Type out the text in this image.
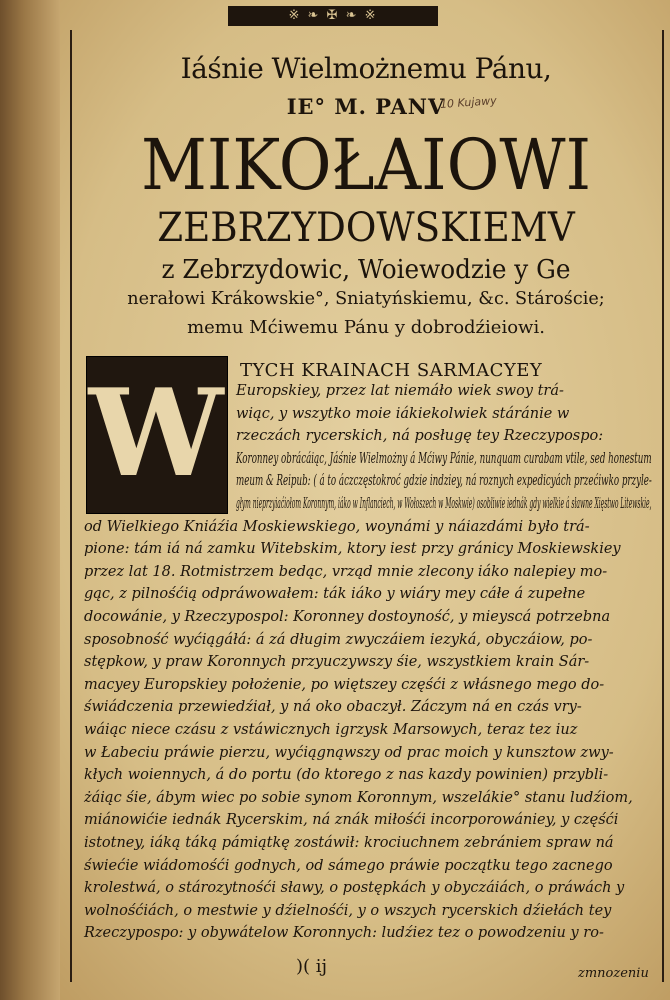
※ ❧ ✠ ❧ ※
Iáśnie Wielmożnemu Pánu,
IE° M. PANV
10 Kujawy
MIKOŁAIOWI
ZEBRZYDOWSKIEMV
z Zebrzydowic, Woiewodzie y Ge
nerałowi Krákowskie°, Sniatyńskiemu, &c. Stároście;
memu Mćiwemu Pánu y dobrodźieiowi.
W TYCH KRAINACH SARMACYEY
Europskiey, przez lat niemáło wiek swoy trá-
wiąc, y wszytko moie iákiekolwiek stáránie w
rzeczách rycerskich, ná posługę tey Rzeczypospo:
Koronney obrácáiąc, Jáśnie Wielmożny á Mćiwy Pánie, nunquam curabam vtile, sed honestum
meum & Reipub: ( á to áczczęstokroć gdzie indziey, ná roznych expedicyách przećiwko przyle-
głym nieprzyiaćiołom Koronnym, iáko w Inflanciech, w Wołoszech w Moskwie) osobliwie iednák gdy wielkie á sławne Xięstwo Litewskie,
od Wielkiego Kniáźia Moskiewskiego, woynámi y náiazdámi było trá-
pione: tám iá ná zamku Witebskim, ktory iest przy gránicy Moskiewskiey
przez lat 18. Rotmistrzem bedąc, vrząd mnie zlecony iáko nalepiey mo-
gąc, z pilnośćią odpráwowałem: ták iáko y wiáry mey cáłe á zupełne
docowánie, y Rzeczypospol: Koronney dostoyność, y mieyscá potrzebna
sposobność wyćiągáłá: á zá długim zwyczáiem iezyká, obyczáiow, po-
stępkow, y praw Koronnych przyuczywszy śie, wszystkiem krain Sár-
macyey Europskiey położenie, po więtszey częśći z włásnego mego do-
świádczenia przewiedźiał, y ná oko obaczył. Záczym ná en czás vry-
wáiąc niece czásu z vstáwicznych igrzysk Marsowych, teraz tez iuz
w Łabeciu práwie pierzu, wyćiągnąwszy od prac moich y kunsztow zwy-
kłych woiennych, á do portu (do ktorego z nas kazdy powinien) przybli-
żáiąc śie, ábym wiec po sobie synom Koronnym, wszelákie° stanu ludźiom,
miánowićie iednák Rycerskim, ná znák miłośći incorporowániey, y częśći
istotney, iáką táką pámiątkę zostáwił: krociuchnem zebrániem spraw ná
świećie wiádomośći godnych, od sámego práwie początku tego zacnego
krolestwá, o stározytnośći sławy, o postępkách y obyczáiách, o práwách y
wolnośćiách, o mestwie y dźielnośći, y o wszych rycerskich dźiełách tey
Rzeczypospo: y obywátelow Koronnych: ludźiez tez o powodzeniu y ro-
)( ij	zmnozeniu
